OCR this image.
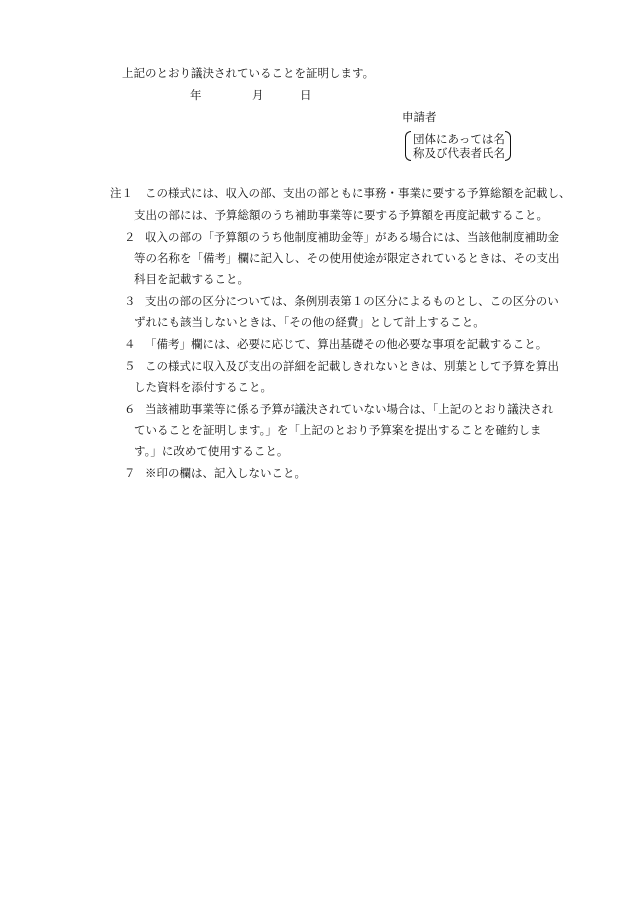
上記のとおり議決されていることを証明します。
年	月	日
申請者
団体にあっては名
称及び代表者氏名
注１ この様式には、収入の部、支出の部ともに事務・事業に要する予算総額を記載し、
支出の部には、予算総額のうち補助事業等に要する予算額を再度記載すること。
２ 収入の部の「予算額のうち他制度補助金等」がある場合には、当該他制度補助金
等の名称を「備考」欄に記入し、その使用使途が限定されているときは、その支出
科目を記載すること。
３ 支出の部の区分については、条例別表第１の区分によるものとし、この区分のい
ずれにも該当しないときは、「その他の経費」として計上すること。
４ 「備考」欄には、必要に応じて、算出基礎その他必要な事項を記載すること。
５ この様式に収入及び支出の詳細を記載しきれないときは、別葉として予算を算出
した資料を添付すること。
６ 当該補助事業等に係る予算が議決されていない場合は、「上記のとおり議決され
ていることを証明します。」を「上記のとおり予算案を提出することを確約しま
す。」に改めて使用すること。
７ ※印の欄は、記入しないこと。
